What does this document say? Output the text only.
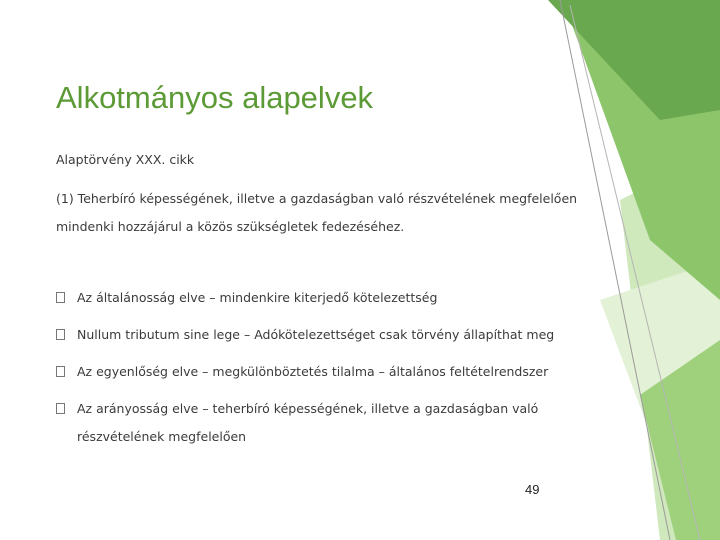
Alkotmányos alapelvek
Alaptörvény XXX. cikk
(1) Teherbíró képességének, illetve a gazdaságban való részvételének megfelelően
mindenki hozzájárul a közös szükségletek fedezéséhez.
Az általánosság elve – mindenkire kiterjedő kötelezettség
Nullum tributum sine lege – Adókötelezettséget csak törvény állapíthat meg
Az egyenlőség elve – megkülönböztetés tilalma – általános feltételrendszer
Az arányosság elve – teherbíró képességének, illetve a gazdaságban való
részvételének megfelelően
49
